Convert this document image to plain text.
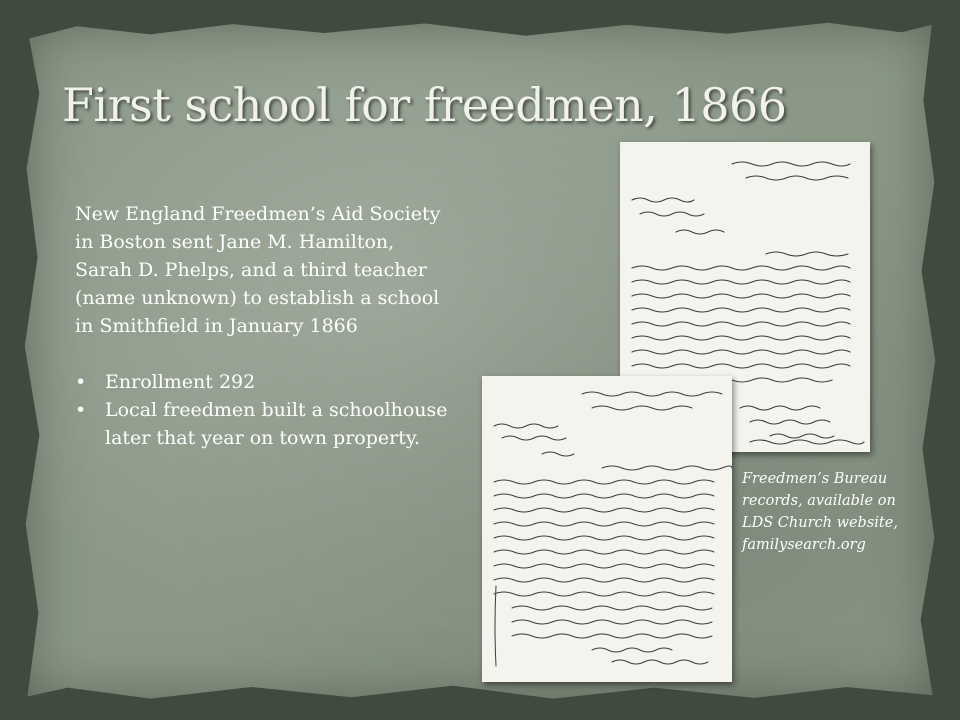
First school for freedmen, 1866

New England Freedmen’s Aid Society
in Boston sent Jane M. Hamilton,
Sarah D. Phelps, and a third teacher
(name unknown) to establish a school
in Smithfield in January 1866

• Enrollment 292
• Local freedmen built a schoolhouse
later that year on town property.
Freedmen’s Bureau
records, available on
LDS Church website,
familysearch.org
